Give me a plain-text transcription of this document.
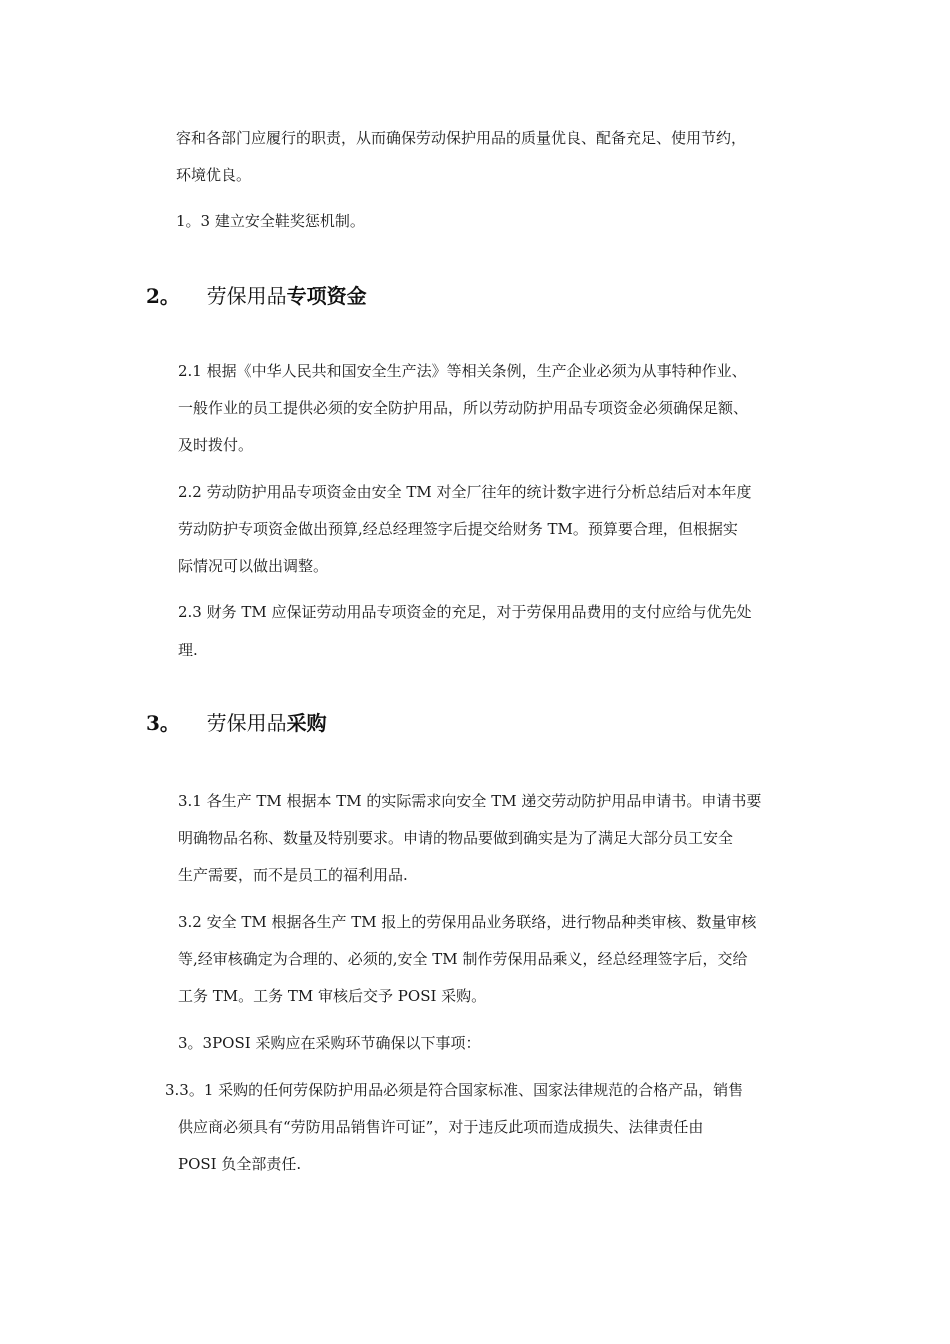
容和各部门应履行的职责，从而确保劳动保护用品的质量优良、配备充足、使用节约，
环境优良。
1。3 建立安全鞋奖惩机制。
2。 劳保用品专项资金
2.1 根据《中华人民共和国安全生产法》等相关条例，生产企业必须为从事特种作业、
一般作业的员工提供必须的安全防护用品，所以劳动防护用品专项资金必须确保足额、
及时拨付。
2.2 劳动防护用品专项资金由安全 TM 对全厂往年的统计数字进行分析总结后对本年度
劳动防护专项资金做出预算,经总经理签字后提交给财务 TM。预算要合理，但根据实
际情况可以做出调整。
2.3 财务 TM 应保证劳动用品专项资金的充足，对于劳保用品费用的支付应给与优先处
理.
3。 劳保用品采购
3.1 各生产 TM 根据本 TM 的实际需求向安全 TM 递交劳动防护用品申请书。申请书要
明确物品名称、数量及特别要求。申请的物品要做到确实是为了满足大部分员工安全
生产需要，而不是员工的福利用品.
3.2 安全 TM 根据各生产 TM 报上的劳保用品业务联络，进行物品种类审核、数量审核
等,经审核确定为合理的、必须的,安全 TM 制作劳保用品乘义，经总经理签字后，交给
工务 TM。工务 TM 审核后交予 POSI 采购。
3。3POSI 采购应在采购环节确保以下事项：
3.3。1 采购的任何劳保防护用品必须是符合国家标准、国家法律规范的合格产品，销售
供应商必须具有“劳防用品销售许可证”，对于违反此项而造成损失、法律责任由
POSI 负全部责任.
